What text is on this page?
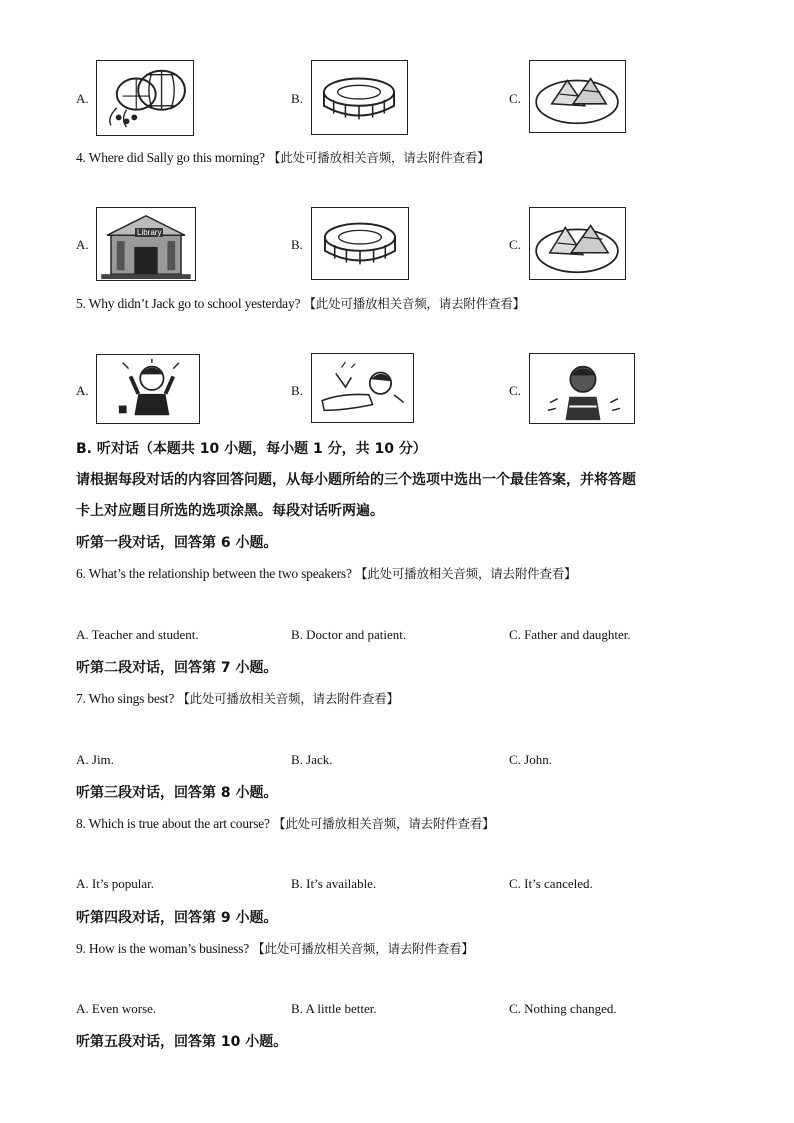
A.	B.	C.
4. Where did Sally go this morning? 【此处可播放相关音频，请去附件查看】
A.
Library
B.	C.
5. Why didn’t Jack go to school yesterday? 【此处可播放相关音频，请去附件查看】
A.	B.	C.
B. 听对话（本题共 10 小题，每小题 1 分，共 10 分）
请根据每段对话的内容回答问题，从每小题所给的三个选项中选出一个最佳答案，并将答题
卡上对应题目所选的选项涂黑。每段对话听两遍。
听第一段对话，回答第 6 小题。
6. What’s the relationship between the two speakers? 【此处可播放相关音频，请去附件查看】
A. Teacher and student.	B. Doctor and patient.	C. Father and daughter.
听第二段对话，回答第 7 小题。
7. Who sings best? 【此处可播放相关音频，请去附件查看】
A. Jim.	B. Jack.	C. John.
听第三段对话，回答第 8 小题。
8. Which is true about the art course? 【此处可播放相关音频，请去附件查看】
A. It’s popular.	B. It’s available.	C. It’s canceled.
听第四段对话，回答第 9 小题。
9. How is the woman’s business? 【此处可播放相关音频，请去附件查看】
A. Even worse.	B. A little better.	C. Nothing changed.
听第五段对话，回答第 10 小题。
